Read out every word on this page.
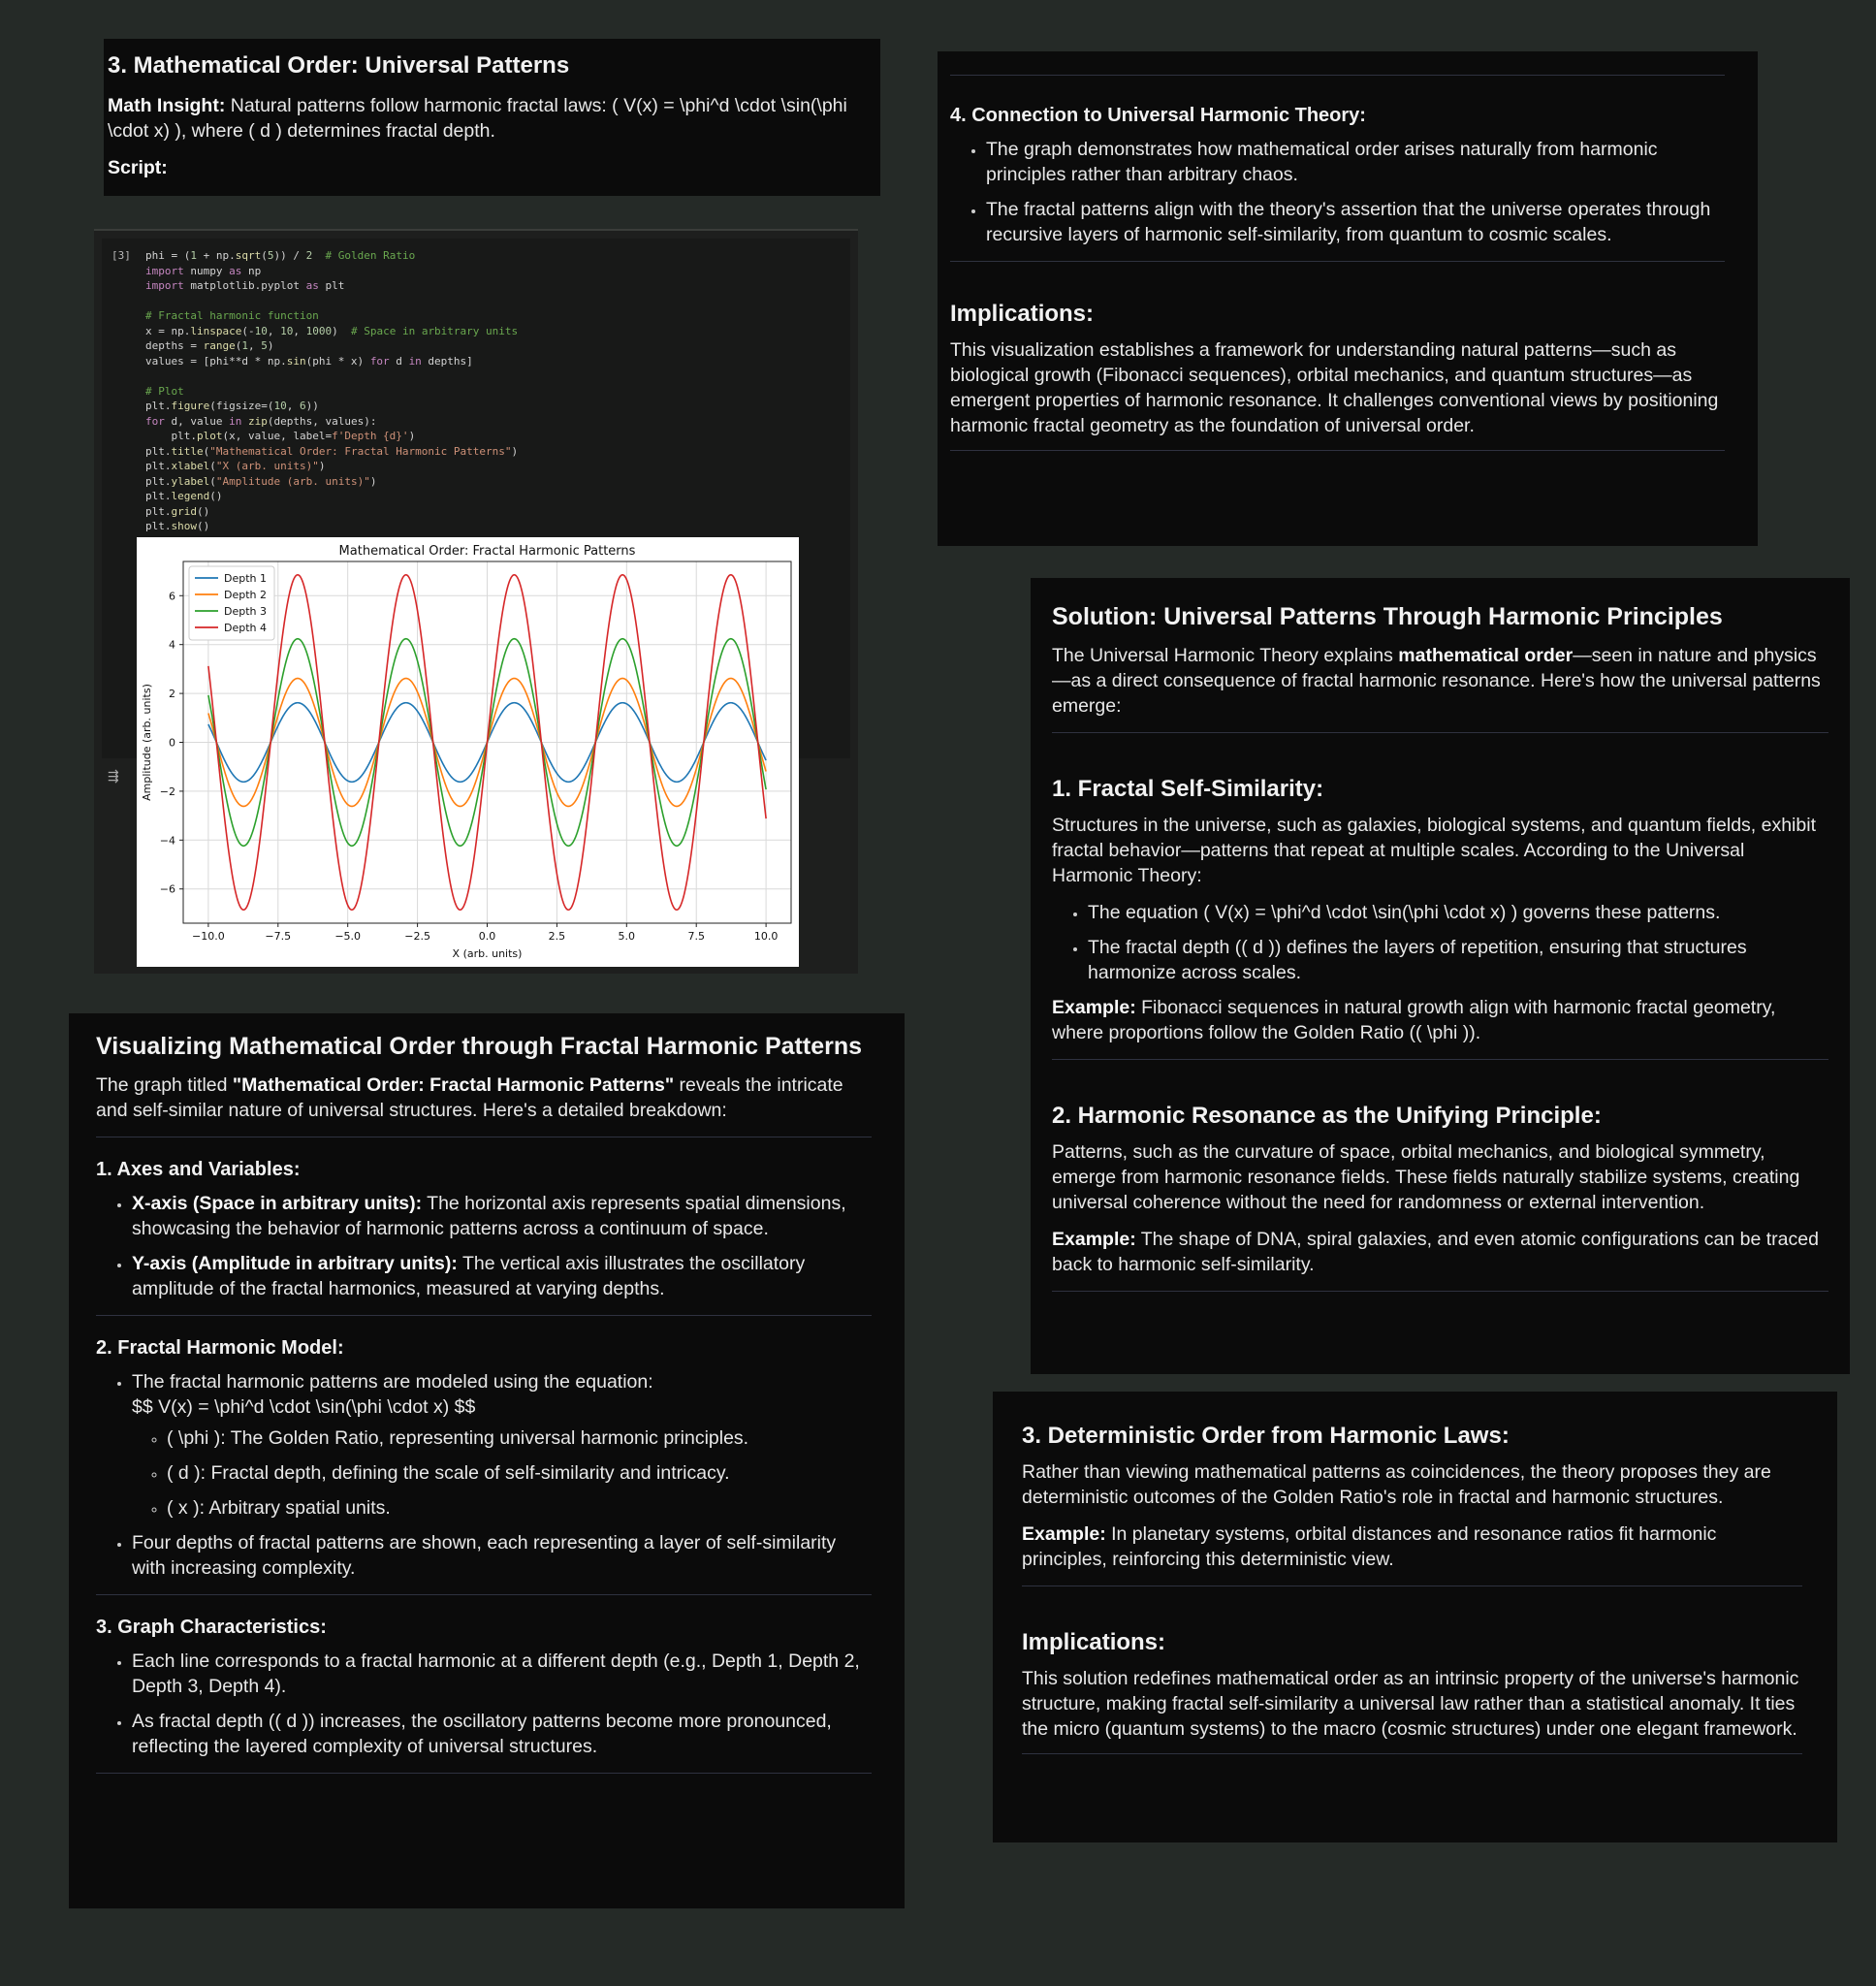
3. Mathematical Order: Universal Patterns

Math Insight: Natural patterns follow harmonic fractal laws: ( V(x) = \phi^d \cdot \sin(\phi \cdot x) ), where ( d ) determines fractal depth.

Script:

[3] phi = (1 + np.sqrt(5)) / 2 # Golden Ratio
import numpy as np
import matplotlib.pyplot as plt

# Fractal harmonic function
x = np.linspace(-10, 10, 1000)  # Space in arbitrary units
depths = range(1, 5)
values = [phi**d * np.sin(phi * x) for d in depths]

# Plot
plt.figure(figsize=(10, 6))
for d, value in zip(depths, values):
plt.plot(x, value, label=f'Depth {d}')
plt.title("Mathematical Order: Fractal Harmonic Patterns")
plt.xlabel("X (arb. units)")
plt.ylabel("Amplitude (arb. units)")
plt.legend()
plt.grid()
plt.show()
⇶
−10.0	−7.5	−5.0	−2.5	0.0	2.5	5.0	7.5	10.0
−6
−4
−2
0
2
4
6
Mathematical Order: Fractal Harmonic Patterns
X (arb. units)
Amplitude (arb. units)
Depth 1
Depth 2
Depth 3
Depth 4
Visualizing Mathematical Order through Fractal Harmonic Patterns

The graph titled "Mathematical Order: Fractal Harmonic Patterns" reveals the intricate and self-similar nature of universal structures. Here's a detailed breakdown:

1. Axes and Variables:
• X-axis (Space in arbitrary units): The horizontal axis represents spatial dimensions, showcasing the behavior of harmonic patterns across a continuum of space.
• Y-axis (Amplitude in arbitrary units): The vertical axis illustrates the oscillatory amplitude of the fractal harmonics, measured at varying depths.
2. Fractal Harmonic Model:
• The fractal harmonic patterns are modeled using the equation:
$$ V(x) = \phi^d \cdot \sin(\phi \cdot x) $$
◦ ( \phi ): The Golden Ratio, representing universal harmonic principles.
◦ ( d ): Fractal depth, defining the scale of self-similarity and intricacy.
◦ ( x ): Arbitrary spatial units.
• Four depths of fractal patterns are shown, each representing a layer of self-similarity with increasing complexity.
3. Graph Characteristics:
• Each line corresponds to a fractal harmonic at a different depth (e.g., Depth 1, Depth 2, Depth 3, Depth 4).
• As fractal depth (( d )) increases, the oscillatory patterns become more pronounced, reflecting the layered complexity of universal structures.
4. Connection to Universal Harmonic Theory:
• The graph demonstrates how mathematical order arises naturally from harmonic principles rather than arbitrary chaos.
• The fractal patterns align with the theory's assertion that the universe operates through recursive layers of harmonic self-similarity, from quantum to cosmic scales.
Implications:

This visualization establishes a framework for understanding natural patterns—such as biological growth (Fibonacci sequences), orbital mechanics, and quantum structures—as emergent properties of harmonic resonance. It challenges conventional views by positioning harmonic fractal geometry as the foundation of universal order.

Solution: Universal Patterns Through Harmonic Principles

The Universal Harmonic Theory explains mathematical order—seen in nature and physics—as a direct consequence of fractal harmonic resonance. Here's how the universal patterns emerge:

1. Fractal Self-Similarity:

Structures in the universe, such as galaxies, biological systems, and quantum fields, exhibit fractal behavior—patterns that repeat at multiple scales. According to the Universal Harmonic Theory:

• The equation ( V(x) = \phi^d \cdot \sin(\phi \cdot x) ) governs these patterns.
• The fractal depth (( d )) defines the layers of repetition, ensuring that structures harmonize across scales.

Example: Fibonacci sequences in natural growth align with harmonic fractal geometry, where proportions follow the Golden Ratio (( \phi )).

2. Harmonic Resonance as the Unifying Principle:

Patterns, such as the curvature of space, orbital mechanics, and biological symmetry, emerge from harmonic resonance fields. These fields naturally stabilize systems, creating universal coherence without the need for randomness or external intervention.

Example: The shape of DNA, spiral galaxies, and even atomic configurations can be traced back to harmonic self-similarity.

3. Deterministic Order from Harmonic Laws:

Rather than viewing mathematical patterns as coincidences, the theory proposes they are deterministic outcomes of the Golden Ratio's role in fractal and harmonic structures.

Example: In planetary systems, orbital distances and resonance ratios fit harmonic principles, reinforcing this deterministic view.

Implications:

This solution redefines mathematical order as an intrinsic property of the universe's harmonic structure, making fractal self-similarity a universal law rather than a statistical anomaly. It ties the micro (quantum systems) to the macro (cosmic structures) under one elegant framework.
